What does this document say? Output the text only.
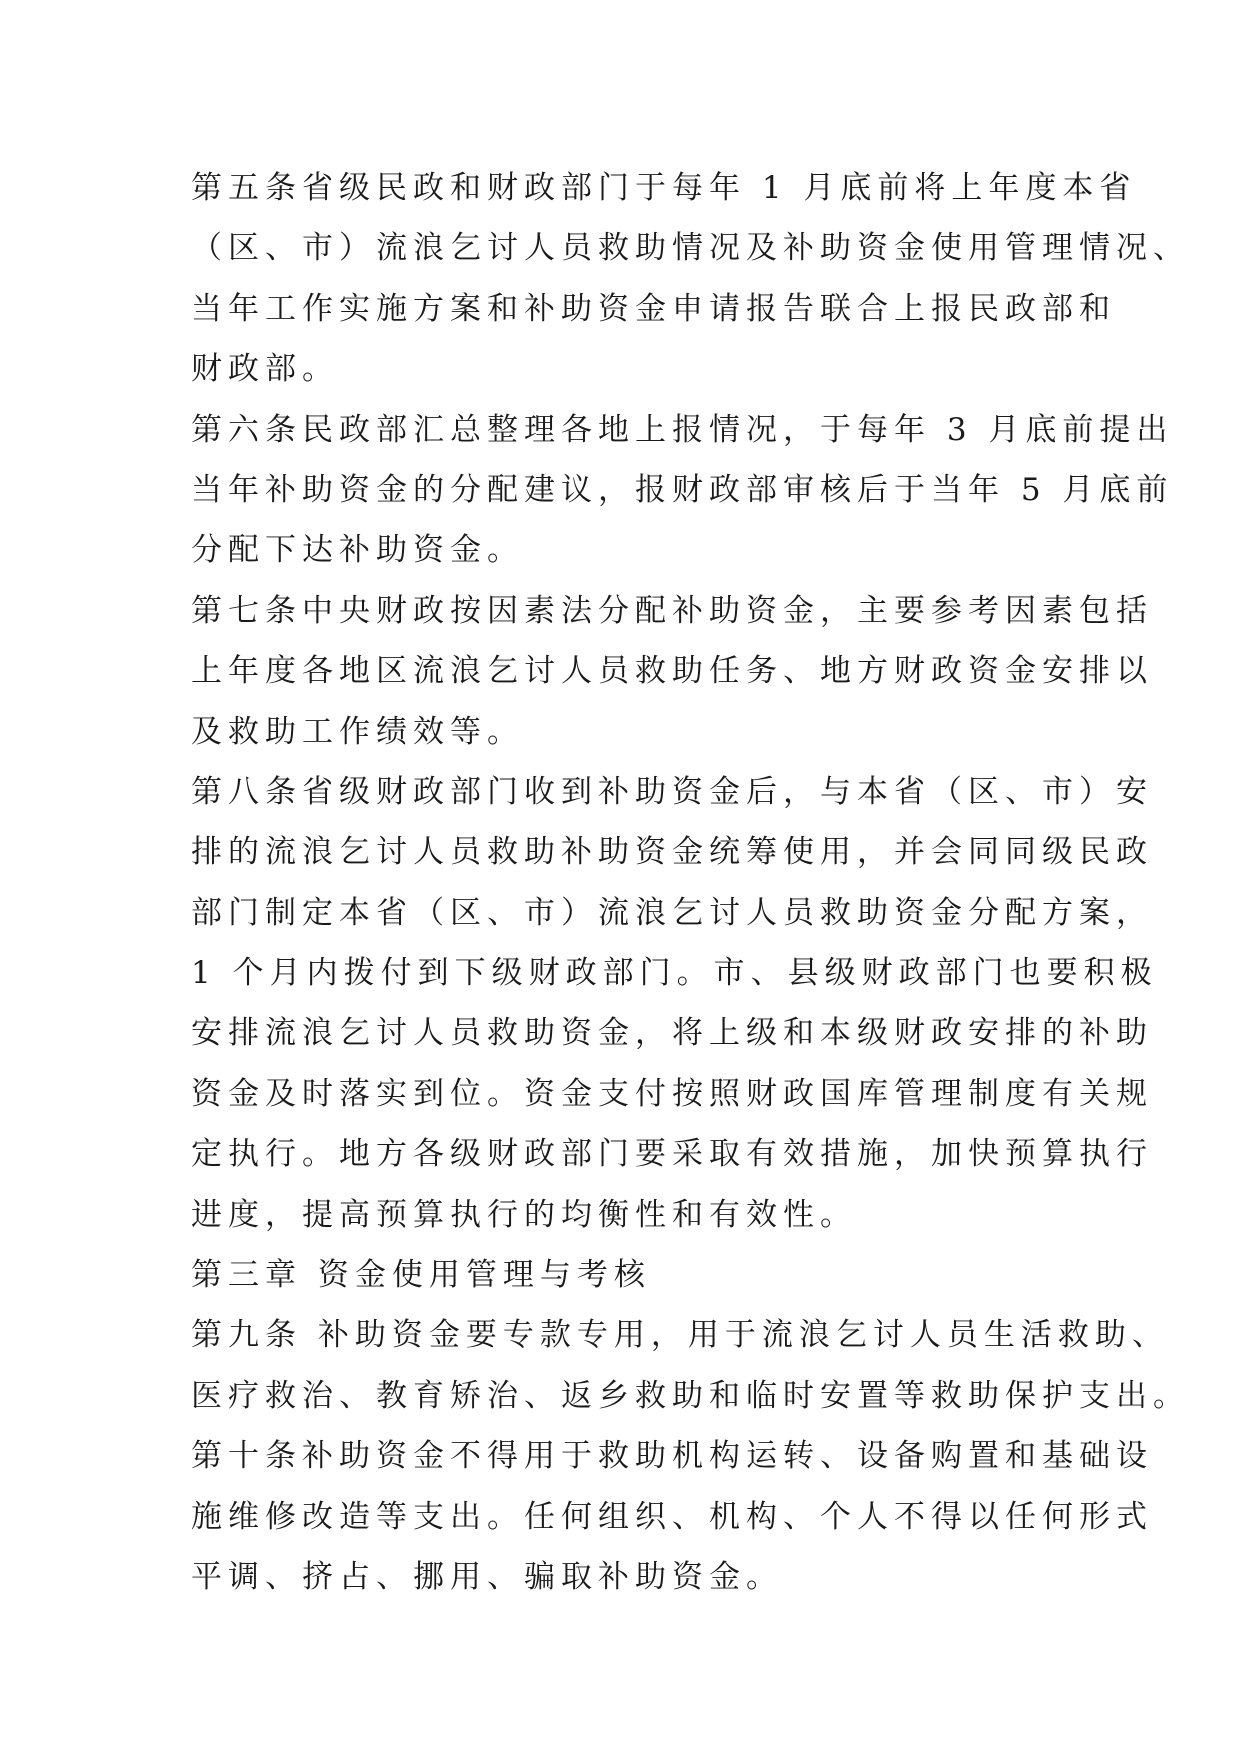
第五条省级民政和财政部门于每年 1 月底前将上年度本省
（区、市）流浪乞讨人员救助情况及补助资金使用管理情况、
当年工作实施方案和补助资金申请报告联合上报民政部和
财政部。
第六条民政部汇总整理各地上报情况，于每年 3 月底前提出
当年补助资金的分配建议，报财政部审核后于当年 5 月底前
分配下达补助资金。
第七条中央财政按因素法分配补助资金，主要参考因素包括
上年度各地区流浪乞讨人员救助任务、地方财政资金安排以
及救助工作绩效等。
第八条省级财政部门收到补助资金后，与本省（区、市）安
排的流浪乞讨人员救助补助资金统筹使用，并会同同级民政
部门制定本省（区、市）流浪乞讨人员救助资金分配方案，
1 个月内拨付到下级财政部门。市、县级财政部门也要积极
安排流浪乞讨人员救助资金，将上级和本级财政安排的补助
资金及时落实到位。资金支付按照财政国库管理制度有关规
定执行。地方各级财政部门要采取有效措施，加快预算执行
进度，提高预算执行的均衡性和有效性。
第三章 资金使用管理与考核
第九条 补助资金要专款专用，用于流浪乞讨人员生活救助、
医疗救治、教育矫治、返乡救助和临时安置等救助保护支出。
第十条补助资金不得用于救助机构运转、设备购置和基础设
施维修改造等支出。任何组织、机构、个人不得以任何形式
平调、挤占、挪用、骗取补助资金。
